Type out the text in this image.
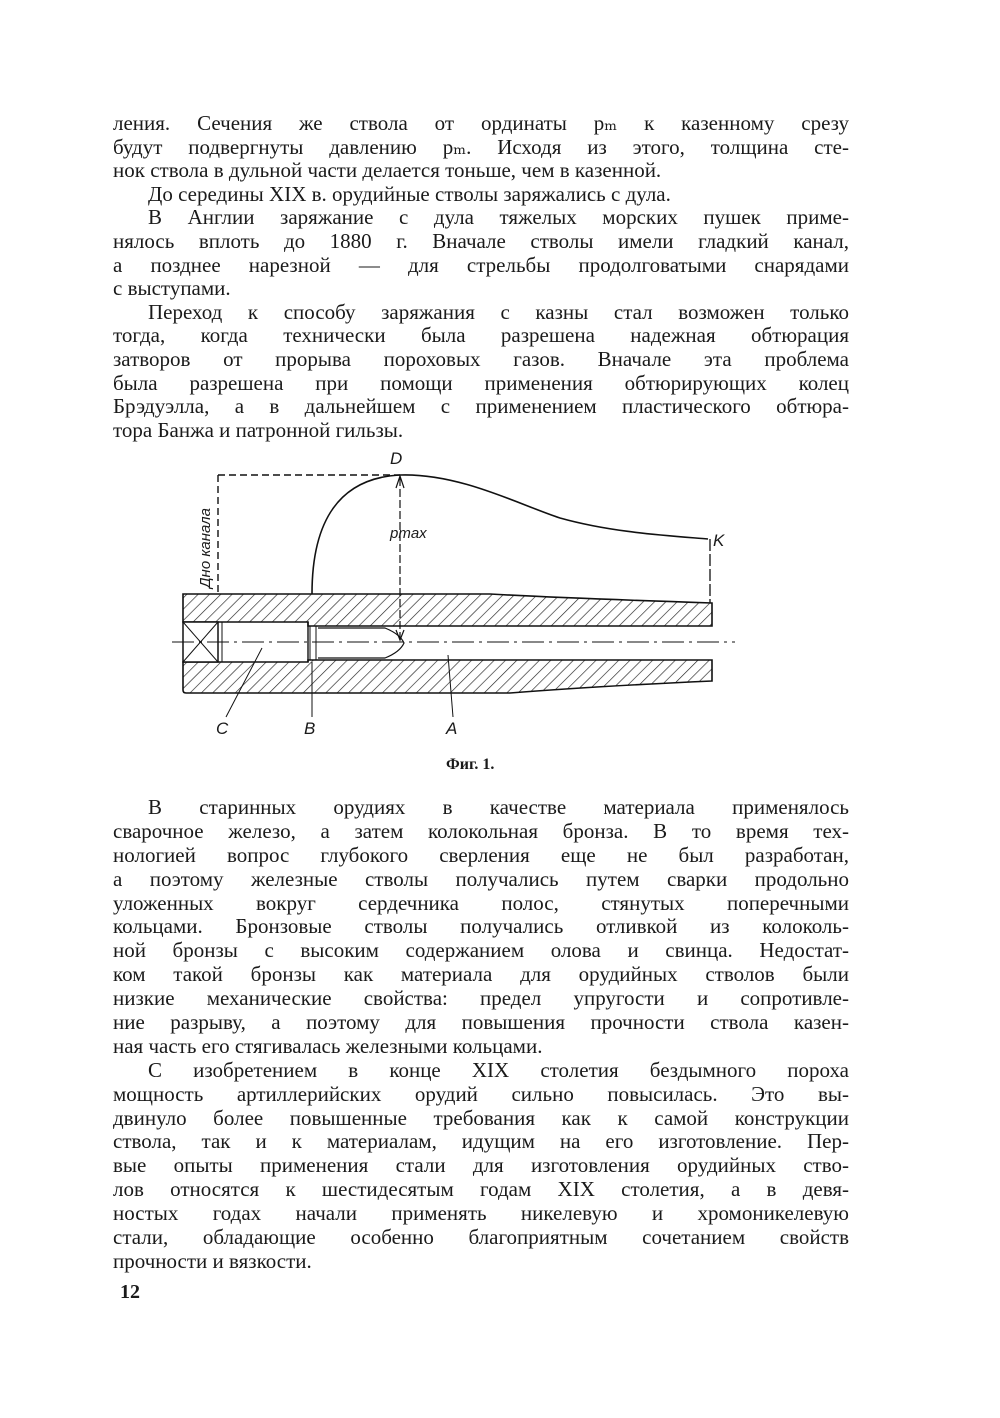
ления. Сечения же ствола от ординаты pₘ к казенному срезу
будут подвергнуты давлению pₘ. Исходя из этого, толщина сте-
нок ствола в дульной части делается тоньше, чем в казенной.
До середины XIX в. орудийные стволы заряжались с дула.
В Англии заряжание с дула тяжелых морских пушек приме-
нялось вплоть до 1880 г. Вначале стволы имели гладкий канал,
а позднее нарезной — для стрельбы продолговатыми снарядами
с выступами.
Переход к способу заряжания с казны стал возможен только
тогда, когда технически была разрешена надежная обтюрация
затворов от прорыва пороховых газов. Вначале эта проблема
была разрешена при помощи применения обтюрирующих колец
Брэдуэлла, а в дальнейшем с применением пластического обтюра-
тора Банжа и патронной гильзы.
D
pmax	K
Дно канала
C	B	A
Фиг. 1.
В старинных орудиях в качестве материала применялось
сварочное железо, а затем колокольная бронза. В то время тех-
нологией вопрос глубокого сверления еще не был разработан,
а поэтому железные стволы получались путем сварки продольно
уложенных вокруг сердечника полос, стянутых поперечными
кольцами. Бронзовые стволы получались отливкой из колоколь-
ной бронзы с высоким содержанием олова и свинца. Недостат-
ком такой бронзы как материала для орудийных стволов были
низкие механические свойства: предел упругости и сопротивле-
ние разрыву, а поэтому для повышения прочности ствола казен-
ная часть его стягивалась железными кольцами.
С изобретением в конце XIX столетия бездымного пороха
мощность артиллерийских орудий сильно повысилась. Это вы-
двинуло более повышенные требования как к самой конструкции
ствола, так и к материалам, идущим на его изготовление. Пер-
вые опыты применения стали для изготовления орудийных ство-
лов относятся к шестидесятым годам XIX столетия, а в девя-
ностых годах начали применять никелевую и хромоникелевую
стали, обладающие особенно благоприятным сочетанием свойств
прочности и вязкости.
12
